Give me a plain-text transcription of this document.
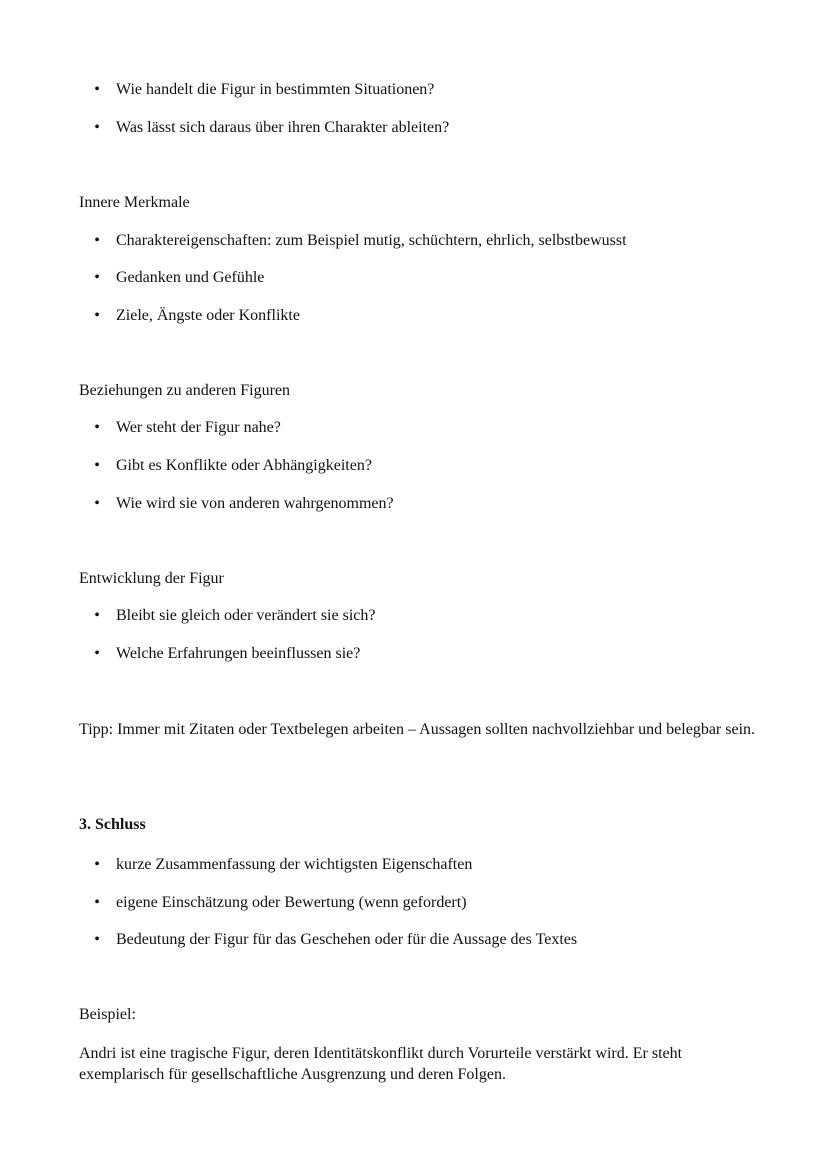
• Wie handelt die Figur in bestimmten Situationen?
• Was lässt sich daraus über ihren Charakter ableiten?
Innere Merkmale
• Charaktereigenschaften: zum Beispiel mutig, schüchtern, ehrlich, selbstbewusst
• Gedanken und Gefühle
• Ziele, Ängste oder Konflikte
Beziehungen zu anderen Figuren
• Wer steht der Figur nahe?
• Gibt es Konflikte oder Abhängigkeiten?
• Wie wird sie von anderen wahrgenommen?
Entwicklung der Figur
• Bleibt sie gleich oder verändert sie sich?
• Welche Erfahrungen beeinflussen sie?
Tipp: Immer mit Zitaten oder Textbelegen arbeiten – Aussagen sollten nachvollziehbar und belegbar sein.
3. Schluss
• kurze Zusammenfassung der wichtigsten Eigenschaften
• eigene Einschätzung oder Bewertung (wenn gefordert)
• Bedeutung der Figur für das Geschehen oder für die Aussage des Textes
Beispiel:
Andri ist eine tragische Figur, deren Identitätskonflikt durch Vorurteile verstärkt wird. Er steht exemplarisch für gesellschaftliche Ausgrenzung und deren Folgen.
